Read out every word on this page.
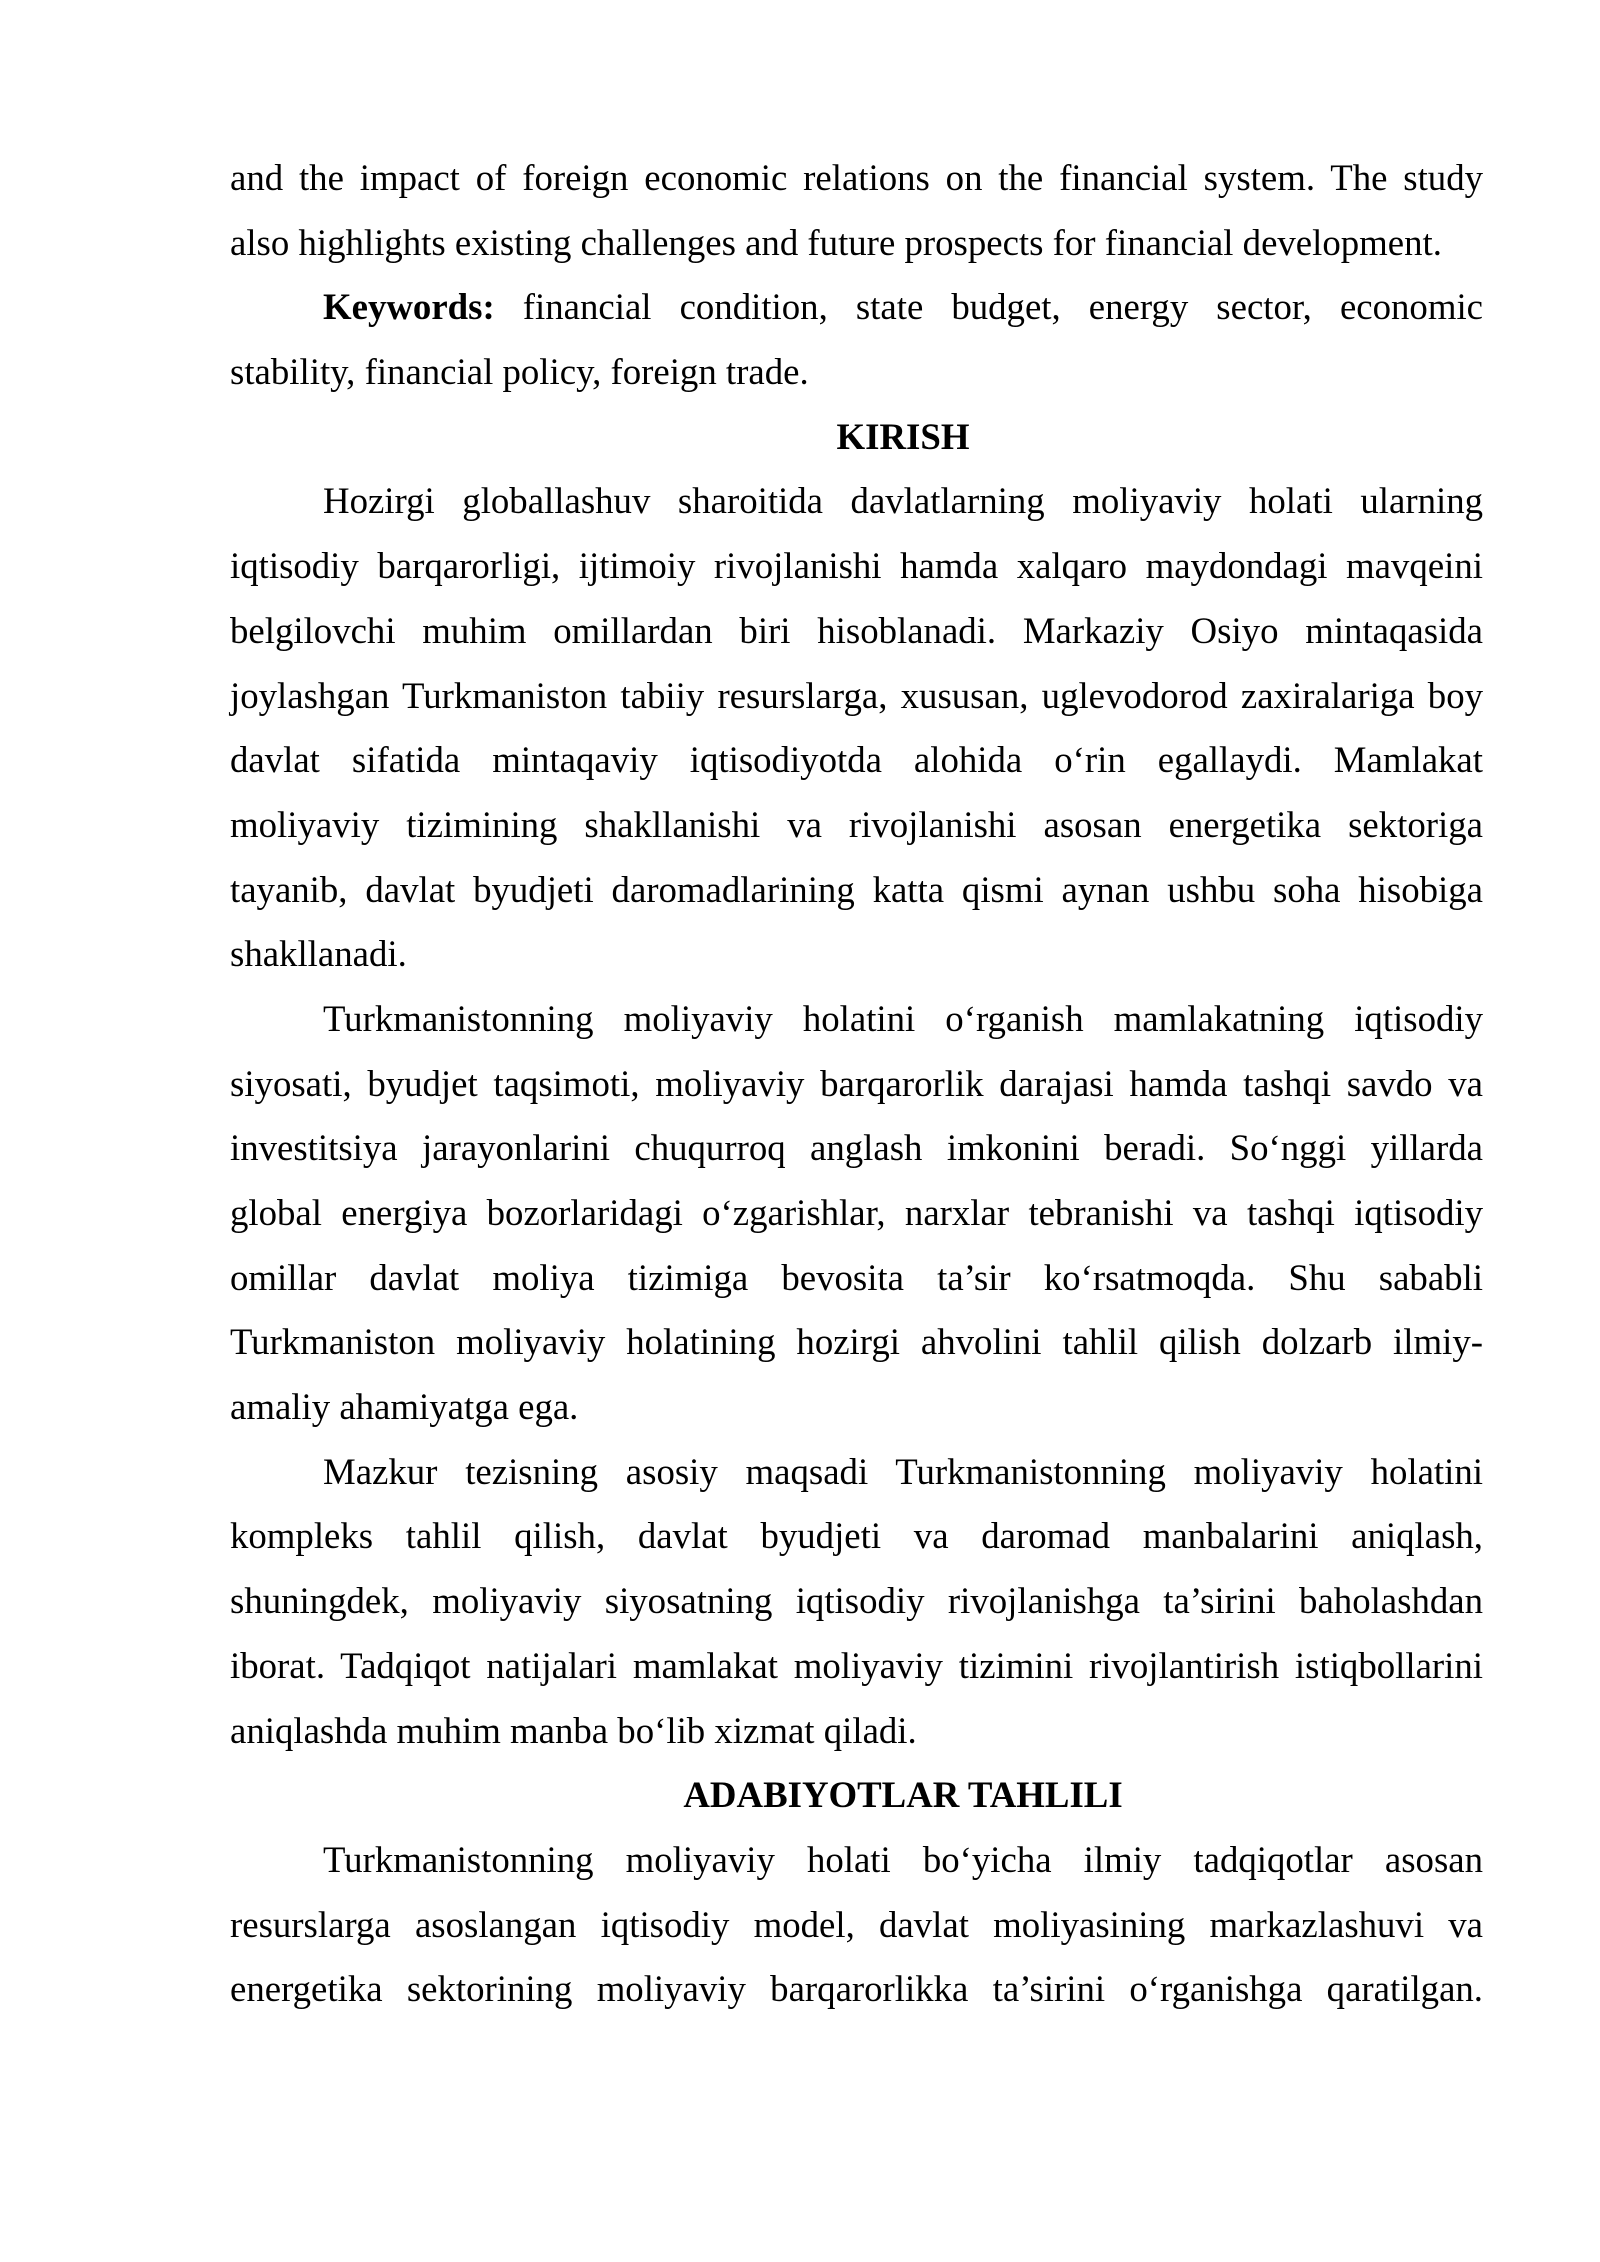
and the impact of foreign economic relations on the financial system. The study
also highlights existing challenges and future prospects for financial development.
Keywords: financial condition, state budget, energy sector, economic
stability, financial policy, foreign trade.
KIRISH
Hozirgi globallashuv sharoitida davlatlarning moliyaviy holati ularning
iqtisodiy barqarorligi, ijtimoiy rivojlanishi hamda xalqaro maydondagi mavqeini
belgilovchi muhim omillardan biri hisoblanadi. Markaziy Osiyo mintaqasida
joylashgan Turkmaniston tabiiy resurslarga, xususan, uglevodorod zaxiralariga boy
davlat sifatida mintaqaviy iqtisodiyotda alohida o‘rin egallaydi. Mamlakat
moliyaviy tizimining shakllanishi va rivojlanishi asosan energetika sektoriga
tayanib, davlat byudjeti daromadlarining katta qismi aynan ushbu soha hisobiga
shakllanadi.
Turkmanistonning moliyaviy holatini o‘rganish mamlakatning iqtisodiy
siyosati, byudjet taqsimoti, moliyaviy barqarorlik darajasi hamda tashqi savdo va
investitsiya jarayonlarini chuqurroq anglash imkonini beradi. So‘nggi yillarda
global energiya bozorlaridagi o‘zgarishlar, narxlar tebranishi va tashqi iqtisodiy
omillar davlat moliya tizimiga bevosita ta’sir ko‘rsatmoqda. Shu sababli
Turkmaniston moliyaviy holatining hozirgi ahvolini tahlil qilish dolzarb ilmiy-
amaliy ahamiyatga ega.
Mazkur tezisning asosiy maqsadi Turkmanistonning moliyaviy holatini
kompleks tahlil qilish, davlat byudjeti va daromad manbalarini aniqlash,
shuningdek, moliyaviy siyosatning iqtisodiy rivojlanishga ta’sirini baholashdan
iborat. Tadqiqot natijalari mamlakat moliyaviy tizimini rivojlantirish istiqbollarini
aniqlashda muhim manba bo‘lib xizmat qiladi.
ADABIYOTLAR TAHLILI
Turkmanistonning moliyaviy holati bo‘yicha ilmiy tadqiqotlar asosan
resurslarga asoslangan iqtisodiy model, davlat moliyasining markazlashuvi va
energetika sektorining moliyaviy barqarorlikka ta’sirini o‘rganishga qaratilgan.
